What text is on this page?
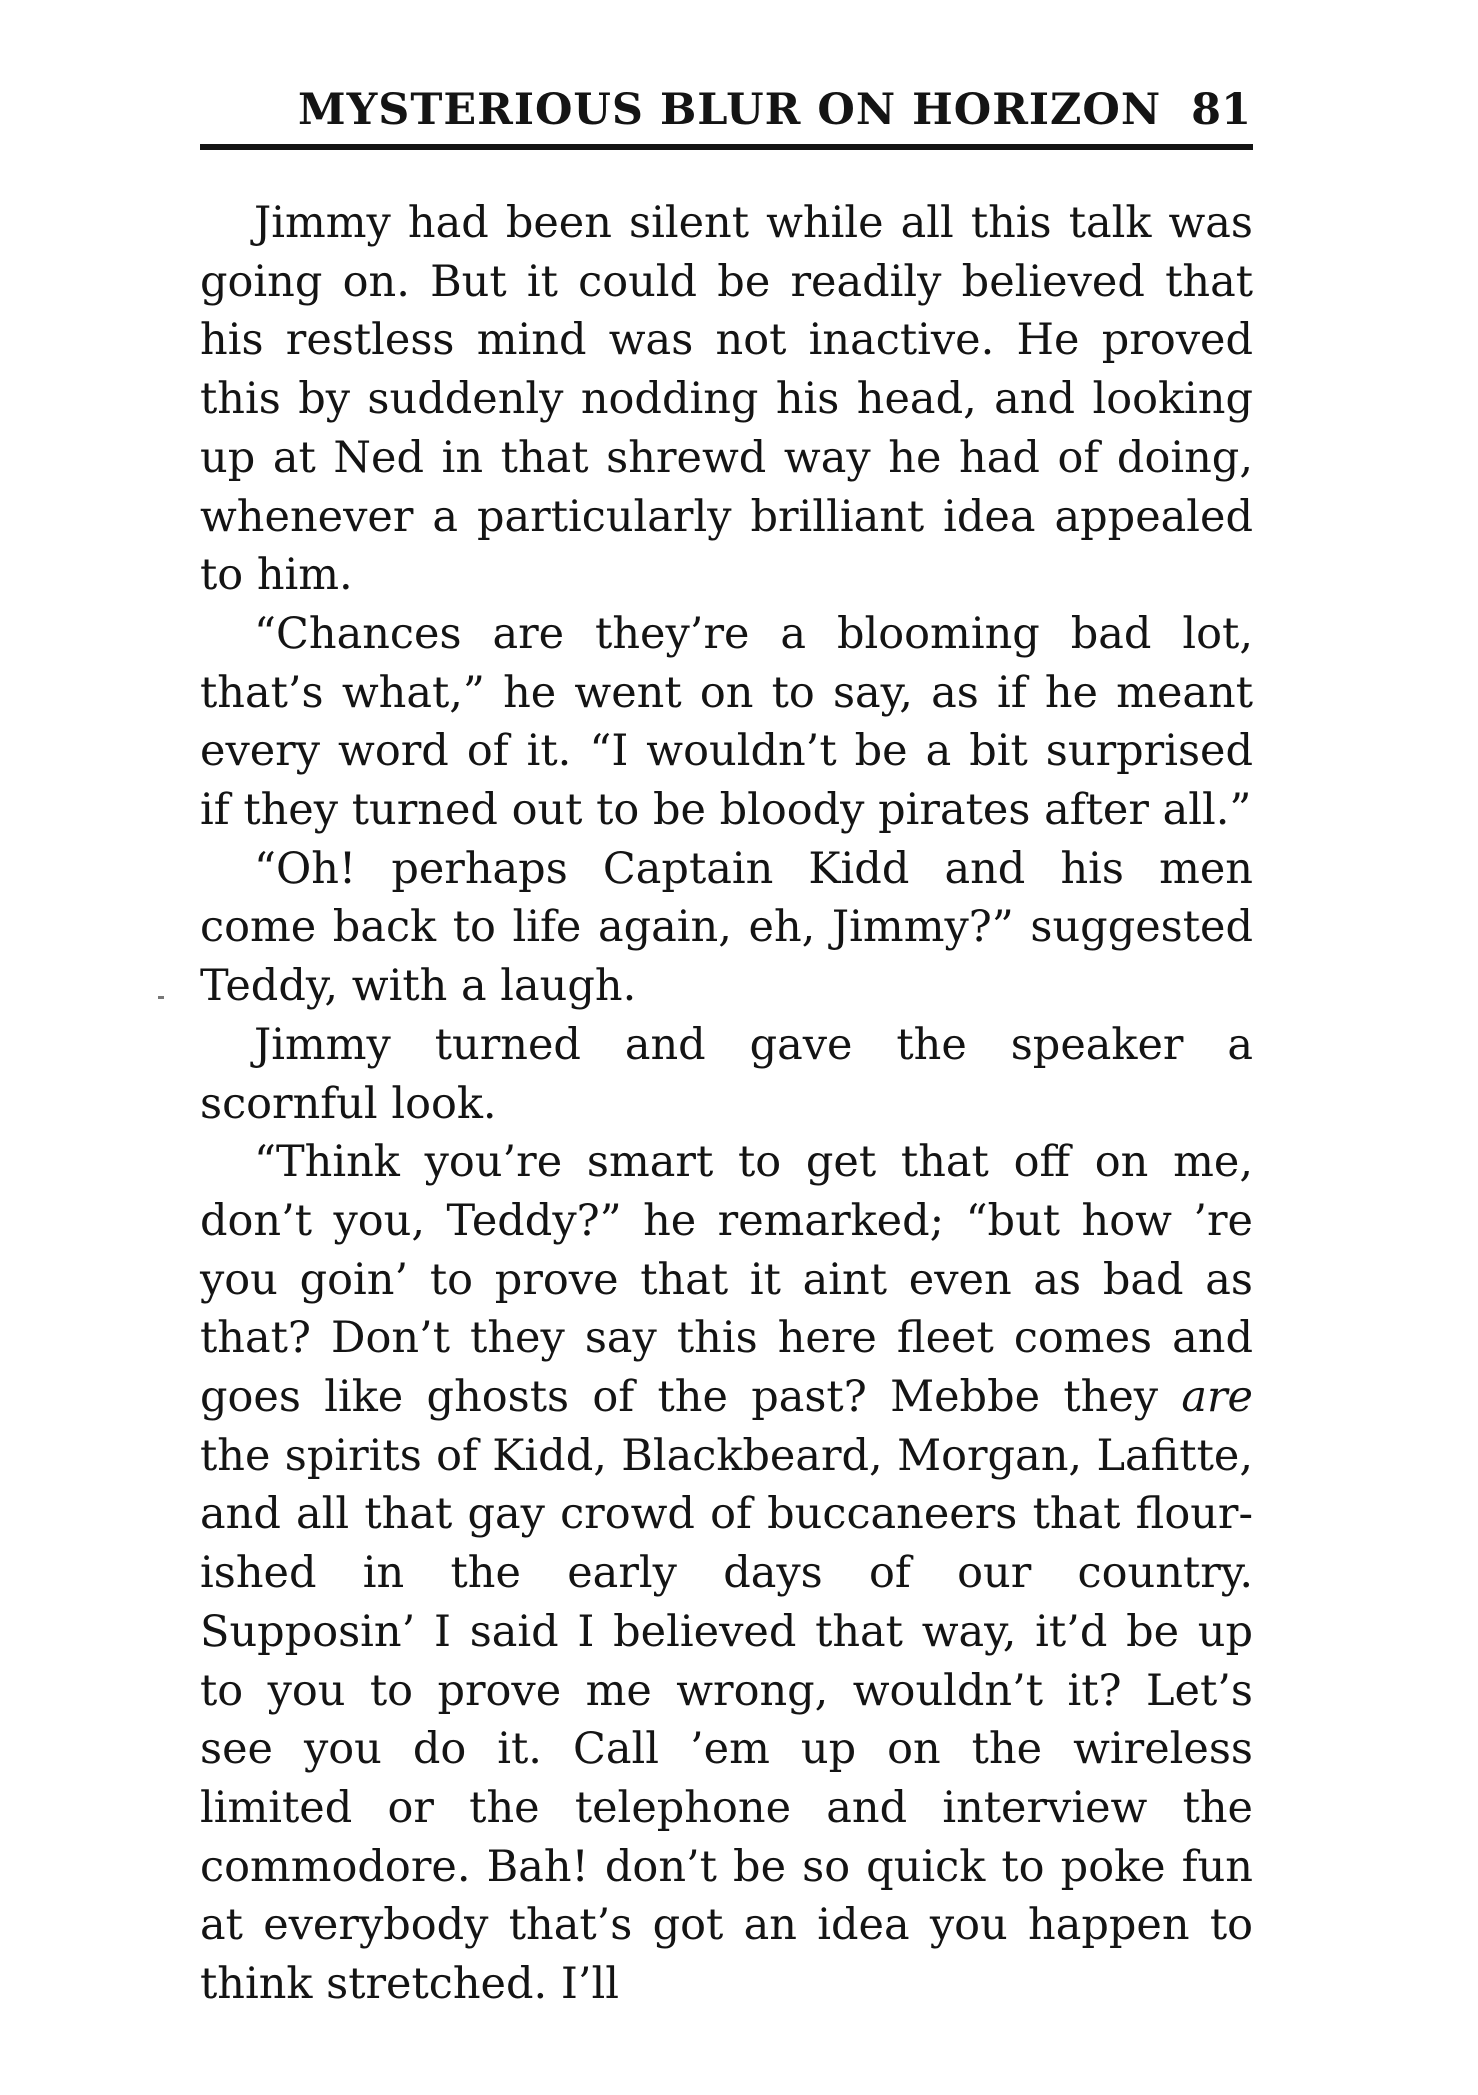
MYSTERIOUS BLUR ON HORIZON 81

Jimmy had been silent while all this talk was going on. But it could be readily believed that his restless mind was not inactive. He proved this by suddenly nodding his head, and looking up at Ned in that shrewd way he had of doing, whenever a particularly brilliant idea appealed to him.

“Chances are they’re a blooming bad lot, that’s what,” he went on to say, as if he meant every word of it. “I wouldn’t be a bit surprised if they turned out to be bloody pirates after all.”

“Oh! perhaps Captain Kidd and his men come back to life again, eh, Jimmy?” suggested Teddy, with a laugh.

Jimmy turned and gave the speaker a scornful look.

“Think you’re smart to get that off on me, don’t you, Teddy?” he remarked; “but how ’re you goin’ to prove that it aint even as bad as that? Don’t they say this here fleet comes and goes like ghosts of the past? Mebbe they are the spirits of Kidd, Blackbeard, Morgan, Lafitte, and all that gay crowd of buccaneers that flourished in the early days of our country. Supposin’ I said I believed that way, it’d be up to you to prove me wrong, wouldn’t it? Let’s see you do it. Call ’em up on the wireless limited or the telephone and interview the commodore. Bah! don’t be so quick to poke fun at everybody that’s got an idea you happen to think stretched. I’ll
